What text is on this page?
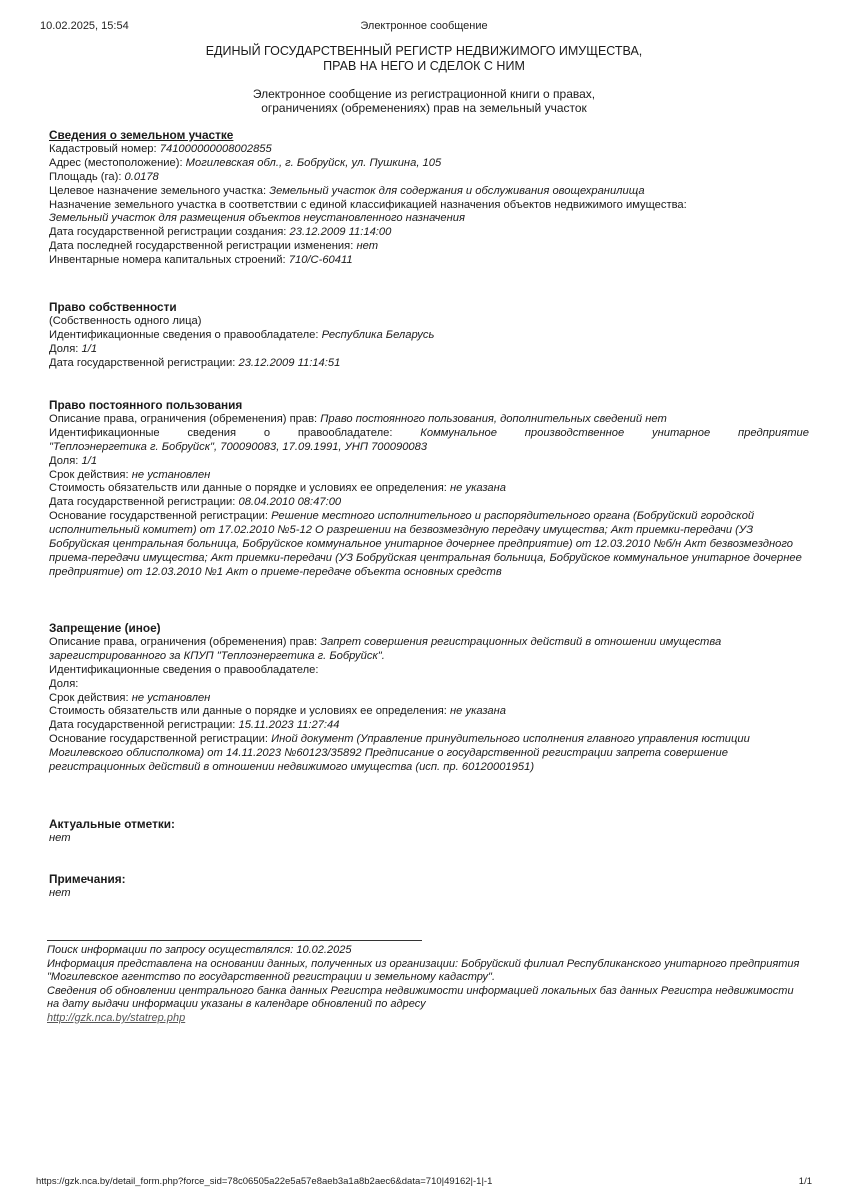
10.02.2025, 15:54	Электронное сообщение
ЕДИНЫЙ ГОСУДАРСТВЕННЫЙ РЕГИСТР НЕДВИЖИМОГО ИМУЩЕСТВА,
ПРАВ НА НЕГО И СДЕЛОК С НИМ
Электронное сообщение из регистрационной книги о правах,
ограничениях (обременениях) прав на земельный участок

Сведения о земельном участке

Кадастровый номер: 741000000008002855

Адрес (местоположение): Могилевская обл., г. Бобруйск, ул. Пушкина, 105

Площадь (га): 0.0178

Целевое назначение земельного участка: Земельный участок для содержания и обслуживания овощехранилища

Назначение земельного участка в соответствии с единой классификацией назначения объектов недвижимого имущества:

Земельный участок для размещения объектов неустановленного назначения

Дата государственной регистрации создания: 23.12.2009 11:14:00

Дата последней государственной регистрации изменения: нет

Инвентарные номера капитальных строений: 710/С-60411

Право собственности

(Собственность одного лица)

Идентификационные сведения о правообладателе: Республика Беларусь

Доля: 1/1

Дата государственной регистрации: 23.12.2009 11:14:51

Право постоянного пользования

Описание права, ограничения (обременения) прав: Право постоянного пользования, дополнительных сведений нет

Идентификационные сведения о правообладателе: Коммунальное производственное унитарное предприятие

"Теплоэнергетика г. Бобруйск", 700090083, 17.09.1991, УНП 700090083

Доля: 1/1

Срок действия: не установлен

Стоимость обязательств или данные о порядке и условиях ее определения: не указана

Дата государственной регистрации: 08.04.2010 08:47:00

Основание государственной регистрации: Решение местного исполнительного и распорядительного органа (Бобруйский городской исполнительный комитет) от 17.02.2010 №5-12 О разрешении на безвозмездную передачу имущества; Акт приемки-передачи (УЗ Бобруйская центральная больница, Бобруйское коммунальное унитарное дочернее предприятие) от 12.03.2010 №б/н Акт безвозмездного приема-передачи имущества; Акт приемки-передачи (УЗ Бобруйская центральная больница, Бобруйское коммунальное унитарное дочернее предприятие) от 12.03.2010 №1 Акт о приеме-передаче объекта основных средств

Запрещение (иное)

Описание права, ограничения (обременения) прав: Запрет совершения регистрационных действий в отношении имущества зарегистрированного за КПУП "Теплоэнергетика г. Бобруйск".

Идентификационные сведения о правообладателе:

Доля:

Срок действия: не установлен

Стоимость обязательств или данные о порядке и условиях ее определения: не указана

Дата государственной регистрации: 15.11.2023 11:27:44

Основание государственной регистрации: Иной документ (Управление принудительного исполнения главного управления юстиции Могилевского облисполкома) от 14.11.2023 №60123/35892 Предписание о государственной регистрации запрета совершение регистрационных действий в отношении недвижимого имущества (исп. пр. 60120001951)

Актуальные отметки:

нет

Примечания:

нет

Поиск информации по запросу осуществлялся: 10.02.2025

Информация представлена на основании данных, полученных из организации: Бобруйский филиал Республиканского унитарного предприятия "Могилевское агентство по государственной регистрации и земельному кадастру".

Сведения об обновлении центрального банка данных Регистра недвижимости информацией локальных баз данных Регистра недвижимости на дату выдачи информации указаны в календаре обновлений по адресу

http://gzk.nca.by/statrep.php

https://gzk.nca.by/detail_form.php?force_sid=78c06505a22e5a57e8aeb3a1a8b2aec6&data=710|49162|-1|-1	1/1
